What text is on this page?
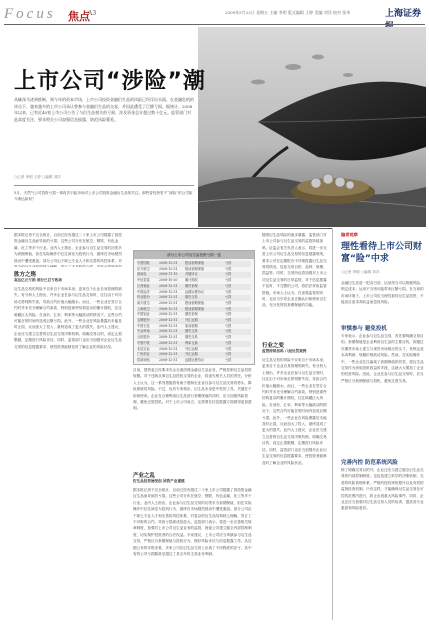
Focus 焦点
A3	2009年5月22日 星期五 主编 李明 版式编辑 王婷 美编 刘洋 校对 张华	上海证券
上市公司“涉险”潮
从蛛丝马迹到推断，到今年的资本市场，上市公司投资金融衍生品的风险已经浮出水面。在金融危机的冲击下，越来越多的上市公司承认曾参与金融衍生品的交易，并因此遭受了巨额亏损。据统计，2008年以来，已有近40家上市公司公告了与衍生品相关的亏损，涉及资金总计超过数十亿元。监管部门对此高度关注，要求相关公司加强信息披露，防范风险蔓延。
○记者 李明 王婷 ○编辑 刘洋
5月，天然气公司投资亏损一事再次引起市场对上市公司投资金融衍生品的关注。那些曾经热衷于“涉险”的公司如今命运如何？
据本报记者不完全统计，目前已经有超过二十家上市公司披露了因投资金融衍生品而导致的亏损。这些公司分布在航空、钢铁、有色金属、化工等多个行业。业内人士指出，企业参与衍生品交易的初衷多为套期保值，但在实际操作中往往演变为投机行为，最终在市场剧烈波动中遭受重创。部分公司由于缺乏专业人才和完善的风控体系，对
胜方之殇
高达亿元亏损 部分已巨亏收场
衍生品交易的风险不仅来自于市场本身，更来自于企业自身管理的缺失。有分析人士指出，许多企业在参与衍生品交易时，往往由于对市场走势判断失误，导致合约价值大幅缩水。而且，一些企业在签订合约时并未充分理解合约条款，特别是那些结构复杂的累计期权，往往暗藏巨大风险。在油价、汇率、利率等大幅波动的情况下，这些合约可能在短时间内造成巨额亏损。此外，一些企业在风险暴露后未能及时止损，反而加大了投入，最终造成了更大的损失。业内人士建议，企业应当建立完善的衍生品交易决策机制，明确交易目的，设定止损限额，定期进行风险评估。同时，监管部门也应当加强对企业衍生品交易的信息披露要求，使投资者能够及时了解企业的风险状况。
部分上市公司衍生品投资亏损一览
中国国航	2008-12-31 燃油套期保值	亏损
东方航空	2008-12-31 燃油套期保值	亏损
深南电	2008-11-15 对赌协议	亏损
中信泰富	2008-10-20 累计期权	亏损
江西铜业	2008-12-31 期货套保	亏损
中国远洋	2008-12-31 远期运费协议	亏损
锌业股份	2008-12-31 期货交易	亏损
南方航空	2008-12-31 燃油套期保值	亏损
上海航空	2008-12-31 燃油套期保值	亏损
中国铝业	2008-12-31 期货套保	亏损
宝钢股份	2008-12-31 外汇远期	亏损
中国石化	2008-12-31 原油套期	亏损
中金岭南	2008-12-31 期货交易	亏损
云铝股份	2008-12-31 期货交易	亏损
中国中铁	2008-12-31 利率互换	亏损
北辰实业	2008-12-31 外汇远期	亏损
广州药业	2008-12-31 外汇远期	亏损
招商轮船	2008-12-31 远期运费协议	亏损
目前，国资委已经要求央企全面清理金融衍生品业务，严格控制衍生品投资规模。对于违规从事衍生品投机交易的企业，将追究相关人员的责任。分析人士认为，这一系列措施将有助于遏制企业盲目参与衍生品交易的势头，降低系统性风险。不过，也有专家指出，衍生品本身是中性的工具，关键在于如何使用。企业在合理利用衍生品进行套期保值的同时，应当加强风险管理，避免过度投机。对于上市公司而言，还需要在信息披露方面做得更加透明。
产业之乱
衍生品投资屡受创 国资产业谨慎
据本报记者不完全统计，目前已经有超过二十家上市公司披露了因投资金融衍生品而导致的亏损。这些公司分布在航空、钢铁、有色金属、化工等多个行业。业内人士指出，企业参与衍生品交易的初衷多为套期保值，但在实际操作中往往演变为投机行为，最终在市场剧烈波动中遭受重创。部分公司由于缺乏专业人才和完善的风控体系，对复杂的衍生品结构缺乏理解，签订了不对称的合约，导致亏损被成倍放大。监管部门表示，将进一步完善相关规章制度，加强对上市公司衍生品业务的监管，督促公司建立健全内部控制制度，切实保护投资者的合法权益。专家建议，上市公司应当审慎参与衍生品交易，严格区分套期保值与投机行为，做好风险评估与信息披露工作。从近期公布的年报来看，多家公司在衍生品交易上出现了不同程度的浮亏，其中有的公司亏损额甚至超过了其全年的主营业务利润。
随着衍生品风险的逐步暴露，监管部门对上市公司参与衍生品交易的监管持续加码。证监会有关负责人表示，将进一步完善上市公司衍生品交易的信息披露规则，要求公司在定期报告中详细披露衍生品交易的情况，包括交易目的、品种、规模、损益等。同时，交易所也将加强对上市公司衍生品交易的日常监管，对于信息披露不及时、不完整的公司，将依法采取监管措施。市场人士认为，在加强监管的同时，也应当引导企业正确认识和使用衍生品，充分发挥其套期保值的功能。
行业之变
监管持续加码 八起处罚案例
衍生品交易的风险不仅来自于市场本身，更来自于企业自身管理的缺失。有分析人士指出，许多企业在参与衍生品交易时，往往由于对市场走势判断失误，导致合约价值大幅缩水。而且，一些企业在签订合约时并未充分理解合约条款，特别是那些结构复杂的累计期权，往往暗藏巨大风险。在油价、汇率、利率等大幅波动的情况下，这些合约可能在短时间内造成巨额亏损。此外，一些企业在风险暴露后未能及时止损，反而加大了投入，最终造成了更大的损失。业内人士建议，企业应当建立完善的衍生品交易决策机制，明确交易目的，设定止损限额，定期进行风险评估。同时，监管部门也应当加强对企业衍生品交易的信息披露要求，使投资者能够及时了解企业的风险状况。
编者观察
理性看待上市公司财富“险”中求
○记者 李明 ○编辑 刘洋
金融衍生品是一把双刃剑，运用得当可以规避风险、锁定成本；运用不当则可能带来巨额亏损。在当前的市场环境下，上市公司应当理性看待衍生品投资，不能盲目追求高收益而忽视风险。
审慎参与 避免投机
专家表示，企业参与衍生品交易，首先要明确交易目的。套期保值是企业利用衍生品的主要目的，即通过在期货市场上建立与现货市场相反的头寸，来锁定成本或利润，规避价格波动风险。然而，在实际操作中，一些企业往往偏离了套期保值的初衷，将衍生品交易作为获取投机收益的手段，这就大大增加了企业的经营风险。因此，企业在参与衍生品交易时，应当严格区分套期保值与投机，避免过度交易。
完善内控 防范系统风险
除了明确交易目的外，企业还应当建立健全衍生品交易的内部控制制度。这包括建立科学的决策机制、完善的风险管理体系、严格的授权审批程序以及有效的监督检查机制。只有这样，才能确保衍生品交易在可控的范围内进行，防止出现重大风险事件。同时，企业还应当加强对衍生品交易人员的培训，提高其专业素质和风险意识。
